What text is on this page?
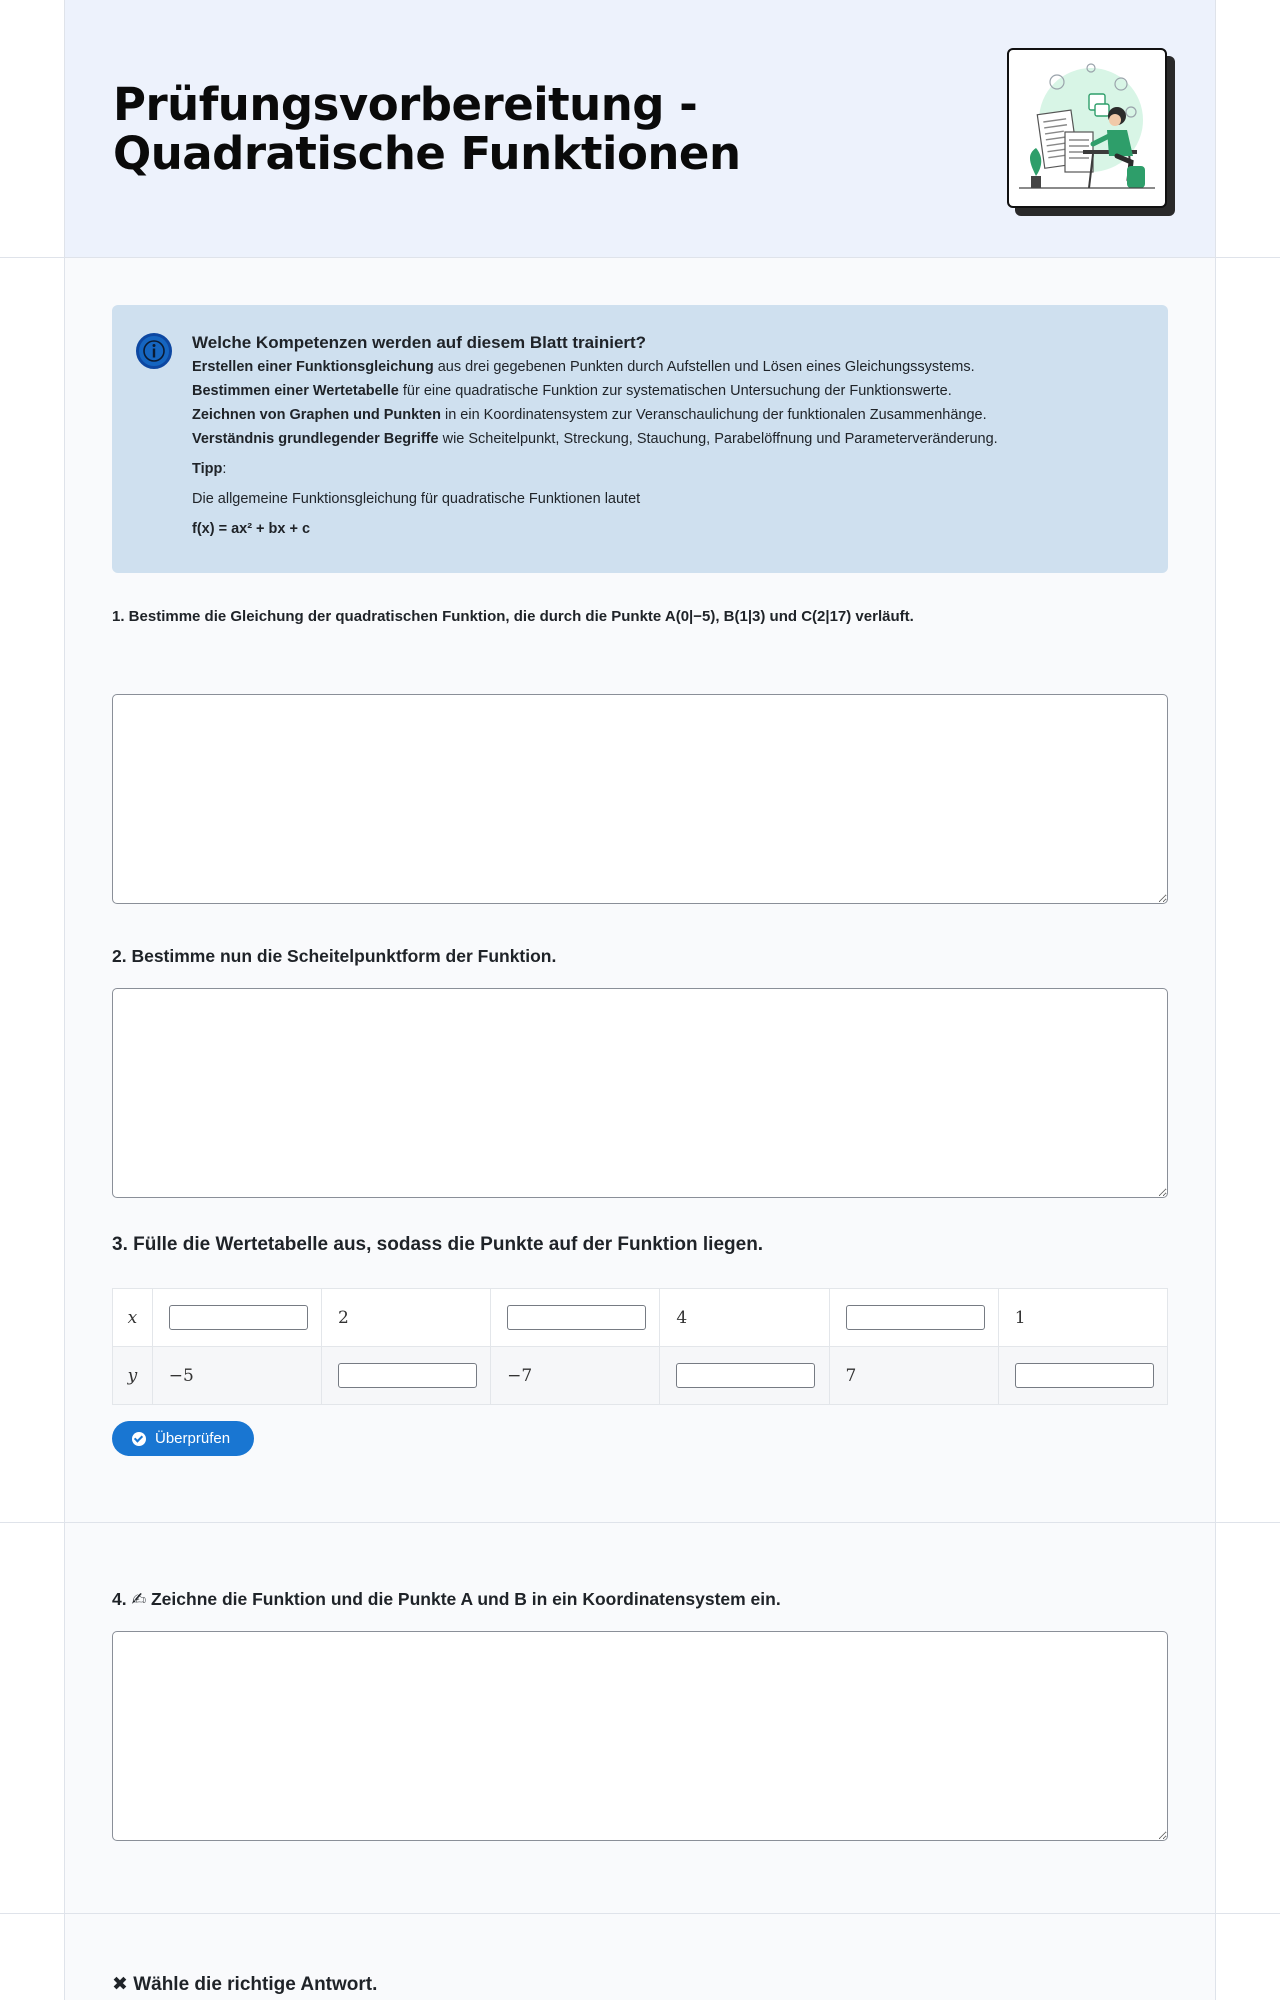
Prüfungsvorbereitung -
Quadratische Funktionen
Welche Kompetenzen werden auf diesem Blatt trainiert?
Erstellen einer Funktionsgleichung aus drei gegebenen Punkten durch Aufstellen und Lösen eines Gleichungssystems.
Bestimmen einer Wertetabelle für eine quadratische Funktion zur systematischen Untersuchung der Funktionswerte.
Zeichnen von Graphen und Punkten in ein Koordinatensystem zur Veranschaulichung der funktionalen Zusammenhänge.
Verständnis grundlegender Begriffe wie Scheitelpunkt, Streckung, Stauchung, Parabelöffnung und Parameterveränderung.
Tipp:
Die allgemeine Funktionsgleichung für quadratische Funktionen lautet
f(x) = ax² + bx + c
1. Bestimme die Gleichung der quadratischen Funktion, die durch die Punkte A(0|−5), B(1|3) und C(2|17) verläuft.
2. Bestimme nun die Scheitelpunktform der Funktion.
3. Fülle die Wertetabelle aus, sodass die Punkte auf der Funktion liegen.
x		2		4		1
y	−5		−7		7	
Überprüfen
4. ✍ Zeichne die Funktion und die Punkte A und B in ein Koordinatensystem ein.
✖ Wähle die richtige Antwort.
